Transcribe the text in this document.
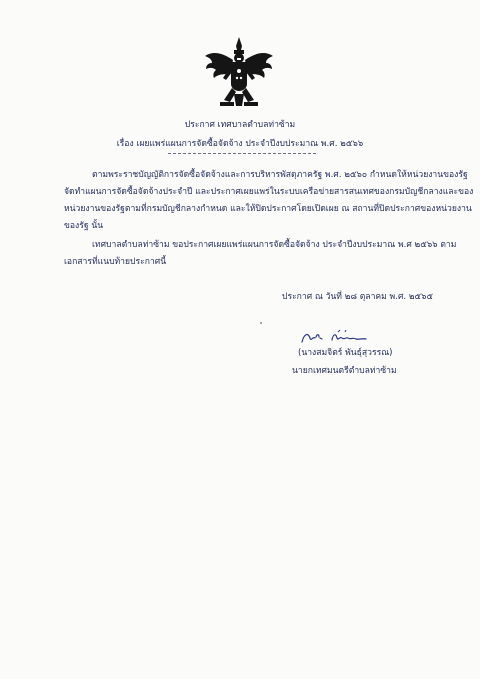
ประกาศ เทศบาลตำบลท่าซ้าม
เรื่อง เผยแพร่แผนการจัดซื้อจัดจ้าง ประจำปีงบประมาณ พ.ศ. ๒๕๖๖
ตามพระราชบัญญัติการจัดซื้อจัดจ้างและการบริหารพัสดุภาครัฐ พ.ศ. ๒๕๖๐ กำหนดให้หน่วยงานของรัฐ
จัดทำแผนการจัดซื้อจัดจ้างประจำปี และประกาศเผยแพร่ในระบบเครือข่ายสารสนเทศของกรมบัญชีกลางและของ
หน่วยงานของรัฐตามที่กรมบัญชีกลางกำหนด และให้ปิดประกาศโดยเปิดเผย ณ สถานที่ปิดประกาศของหน่วยงาน
ของรัฐ นั้น
เทศบาลตำบลท่าซ้าม ขอประกาศเผยแพร่แผนการจัดซื้อจัดจ้าง ประจำปีงบประมาณ พ.ศ ๒๕๖๖ ตาม
เอกสารที่แนบท้ายประกาศนี้
ประกาศ ณ วันที่ ๒๘ ตุลาคม พ.ศ. ๒๕๖๕
(นางสมจิตร์ พันธุ์สุวรรณ)
นายกเทศมนตรีตำบลท่าซ้าม
